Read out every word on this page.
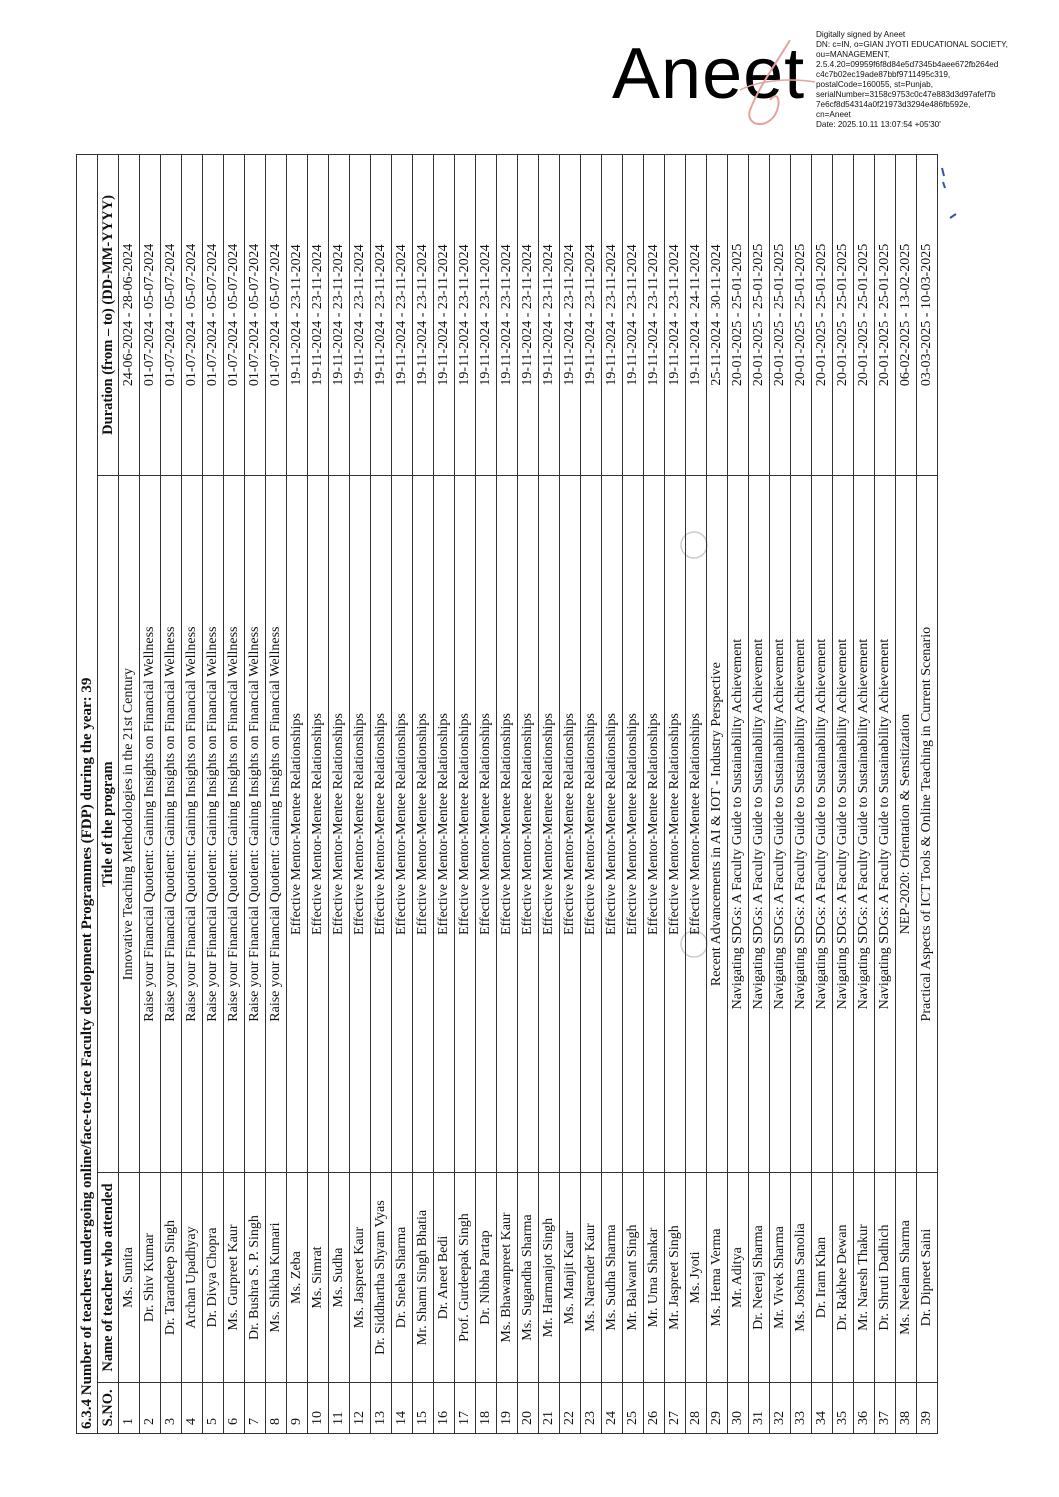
Aneet Digitally signed by Aneet
DN: c=IN, o=GIAN JYOTI EDUCATIONAL SOCIETY,
ou=MANAGEMENT,
2.5.4.20=09959f6f8d84e5d7345b4aee672fb264ed
c4c7b02ec19ade87bbf9711495c319,
postalCode=160055, st=Punjab,
serialNumber=3158c9753c0c47e883d3d97afef7b
7e6cf8d54314a0f21973d3294e486fb592e,
cn=Aneet
Date: 2025.10.11 13:07:54 +05'30'
6.3.4 Number of teachers undergoing online/face-to-face Faculty development Programmes (FDP) during the year: 39 S.NO.	Name of teacher who attended	Title of the program	Duration (from – to) (DD-MM-YYYY)
1	Ms. Sunita	Innovative Teaching Methodologies in the 21st Century	24-06-2024 - 28-06-2024
2	Dr. Shiv Kumar	Raise your Financial Quotient: Gaining Insights on Financial Wellness	01-07-2024 - 05-07-2024
3	Dr. Tarandeep Singh	Raise your Financial Quotient: Gaining Insights on Financial Wellness	01-07-2024 - 05-07-2024
4	Archan Upadhyay	Raise your Financial Quotient: Gaining Insights on Financial Wellness	01-07-2024 - 05-07-2024
5	Dr. Divya Chopra	Raise your Financial Quotient: Gaining Insights on Financial Wellness	01-07-2024 - 05-07-2024
6	Ms. Gurpreet Kaur	Raise your Financial Quotient: Gaining Insights on Financial Wellness	01-07-2024 - 05-07-2024
7	Dr. Bushra S. P. Singh	Raise your Financial Quotient: Gaining Insights on Financial Wellness	01-07-2024 - 05-07-2024
8	Ms. Shikha Kumari	Raise your Financial Quotient: Gaining Insights on Financial Wellness	01-07-2024 - 05-07-2024
9	Ms. Zeba	Effective Mentor-Mentee Relationships	19-11-2024 - 23-11-2024
10	Ms. Simrat	Effective Mentor-Mentee Relationships	19-11-2024 - 23-11-2024
11	Ms. Sudha	Effective Mentor-Mentee Relationships	19-11-2024 - 23-11-2024
12	Ms. Jaspreet Kaur	Effective Mentor-Mentee Relationships	19-11-2024 - 23-11-2024
13	Dr. Siddhartha Shyam Vyas	Effective Mentor-Mentee Relationships	19-11-2024 - 23-11-2024
14	Dr. Sneha Sharma	Effective Mentor-Mentee Relationships	19-11-2024 - 23-11-2024
15	Mr. Shami Singh Bhatia	Effective Mentor-Mentee Relationships	19-11-2024 - 23-11-2024
16	Dr. Aneet Bedi	Effective Mentor-Mentee Relationships	19-11-2024 - 23-11-2024
17	Prof. Gurdeepak Singh	Effective Mentor-Mentee Relationships	19-11-2024 - 23-11-2024
18	Dr. Nibha Partap	Effective Mentor-Mentee Relationships	19-11-2024 - 23-11-2024
19	Ms. Bhawanpreet Kaur	Effective Mentor-Mentee Relationships	19-11-2024 - 23-11-2024
20	Ms. Sugandha Sharma	Effective Mentor-Mentee Relationships	19-11-2024 - 23-11-2024
21	Mr. Harmanjot Singh	Effective Mentor-Mentee Relationships	19-11-2024 - 23-11-2024
22	Ms. Manjit Kaur	Effective Mentor-Mentee Relationships	19-11-2024 - 23-11-2024
23	Ms. Narender Kaur	Effective Mentor-Mentee Relationships	19-11-2024 - 23-11-2024
24	Ms. Sudha Sharma	Effective Mentor-Mentee Relationships	19-11-2024 - 23-11-2024
25	Mr. Balwant Singh	Effective Mentor-Mentee Relationships	19-11-2024 - 23-11-2024
26	Mr. Uma Shankar	Effective Mentor-Mentee Relationships	19-11-2024 - 23-11-2024
27	Mr. Jaspreet Singh	Effective Mentor-Mentee Relationships	19-11-2024 - 23-11-2024
28	Ms. Jyoti	Effective Mentor-Mentee Relationships	19-11-2024 - 24-11-2024
29	Ms. Hema Verma	Recent Advancements in AI & IOT - Industry Perspective	25-11-2024 - 30-11-2024
30	Mr. Aditya	Navigating SDGs: A Faculty Guide to Sustainability Achievement	20-01-2025 - 25-01-2025
31	Dr. Neeraj Sharma	Navigating SDGs: A Faculty Guide to Sustainability Achievement	20-01-2025 - 25-01-2025
32	Mr. Vivek Sharma	Navigating SDGs: A Faculty Guide to Sustainability Achievement	20-01-2025 - 25-01-2025
33	Ms. Joshna Sanolia	Navigating SDGs: A Faculty Guide to Sustainability Achievement	20-01-2025 - 25-01-2025
34	Dr. Iram Khan	Navigating SDGs: A Faculty Guide to Sustainability Achievement	20-01-2025 - 25-01-2025
35	Dr. Rakhee Dewan	Navigating SDGs: A Faculty Guide to Sustainability Achievement	20-01-2025 - 25-01-2025
36	Mr. Naresh Thakur	Navigating SDGs: A Faculty Guide to Sustainability Achievement	20-01-2025 - 25-01-2025
37	Dr. Shruti Dadhich	Navigating SDGs: A Faculty Guide to Sustainability Achievement	20-01-2025 - 25-01-2025
38	Ms. Neelam Sharma	NEP-2020: Orientation & Sensitization	06-02-2025 - 13-02-2025
39	Dr. Dipneet Saini	Practical Aspects of ICT Tools & Online Teaching in Current Scenario	03-03-2025 - 10-03-2025
